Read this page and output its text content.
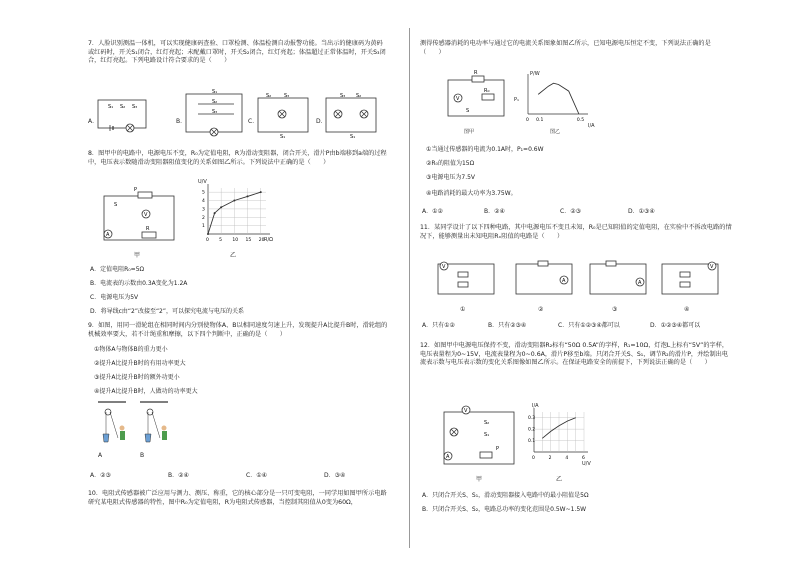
7．人脸识别测温一体机，可以实现健康码查验、口罩检测、体温检测自动报警功能。当出示的健康码为黄码或红码时，开关S₁闭合，红灯亮起；未配戴口罩时，开关S₂闭合，红灯亮起；体温超过正常体温时，开关S₃闭合，红灯亮起。下列电路设计符合要求的是（　　）
A．
S₁ S₂ S₃
B．
S₁
S₂
S₃
C．
S₂	S₃
S₁
D．
S₃ S₂
S₁
8．图甲中的电路中，电源电压不变，R₀为定值电阻，R为滑动变阻器，闭合开关，滑片P由b端移到a端的过程中，电压表示数随滑动变阻器阻值变化的关系如图乙所示。下列说法中正确的是（　　）
V
A
R
P
S
甲
1
2
3
4
5
0 5 10 15 20
U/V
R/Ω
乙
A．定值电阻R₀=5Ω
B．电流表的示数由0.3A变化为1.2A
C．电源电压为5V
D．将导线c由“2”改接至“2”，可以探究电流与电压的关系
9．如图，用同一滑轮组在相同时间内分别使物体A、B以相同速度匀速上升，发现提升A比提升B时，滑轮组的机械效率要大，若不计绳重和摩擦，以下四个判断中，正确的是（　　）
①物体A与物体B的重力更小
②提升A比提升B时的有用功率更大
③提升A比提升B时的额外功更小
④提升A比提升B时，人做功的功率更大
A	B
A．②③	B．②④	C．①④	D．③④
10．电阻式传感器被广泛应用与测力、测压、称重，它的核心部分是一只可变电阻，一同学用如图甲所示电路研究某电阻式传感器的特性，图中R₀为定值电阻，R为电阻式传感器，当控制其阻值从0变为60Ω，
测得传感器消耗的电功率与通过它的电流关系图象如图乙所示，已知电源电压恒定不变，下列说法正确的是（　　）
R
V
R₀
S
图甲
0 0.1	0.5
P/W
I/A
P₁
图乙
①当通过传感器的电流为0.1A时，P₁=0.6W
②R₀的阻值为15Ω
③电源电压为7.5V
④电路消耗的最大功率为3.75W。
A．①②	B．②④	C．②③	D．①③④
11．某同学设计了以下四种电路，其中电源电压不变且未知，R₀是已知阻值的定值电阻，在实验中不拆改电路的情况下，能够测量出未知电阻Rₓ阻值的电路是（　　）
V
①
A
②
A
③
V
④
A．只有①②	B．只有②③④	C．只有①②③④都可以	D．①②③④都可以
12．如图甲中电源电压保持不变，滑动变阻器R₂标有“50Ω 0.5A”的字样，R₁=10Ω，灯泡L上标有“5V”的字样，电压表量程为0~15V，电流表量程为0~0.6A，滑片P移至b端。只闭合开关S、S₁，调节R₂的滑片P，并绘制出电流表示数与电压表示数的变化关系图像如图乙所示。在保证电路安全的前提下，下列说法正确的是（　　）
V
A
S₂
S₁
P
甲
0.1
0.2
0.3
0	2	4	6
I/A
U/V
乙
A．只闭合开关S、S₁，滑动变阻器接入电路中的最小阻值是5Ω
B．只闭合开关S、S₂，电路总功率的变化范围是0.5W~1.5W
